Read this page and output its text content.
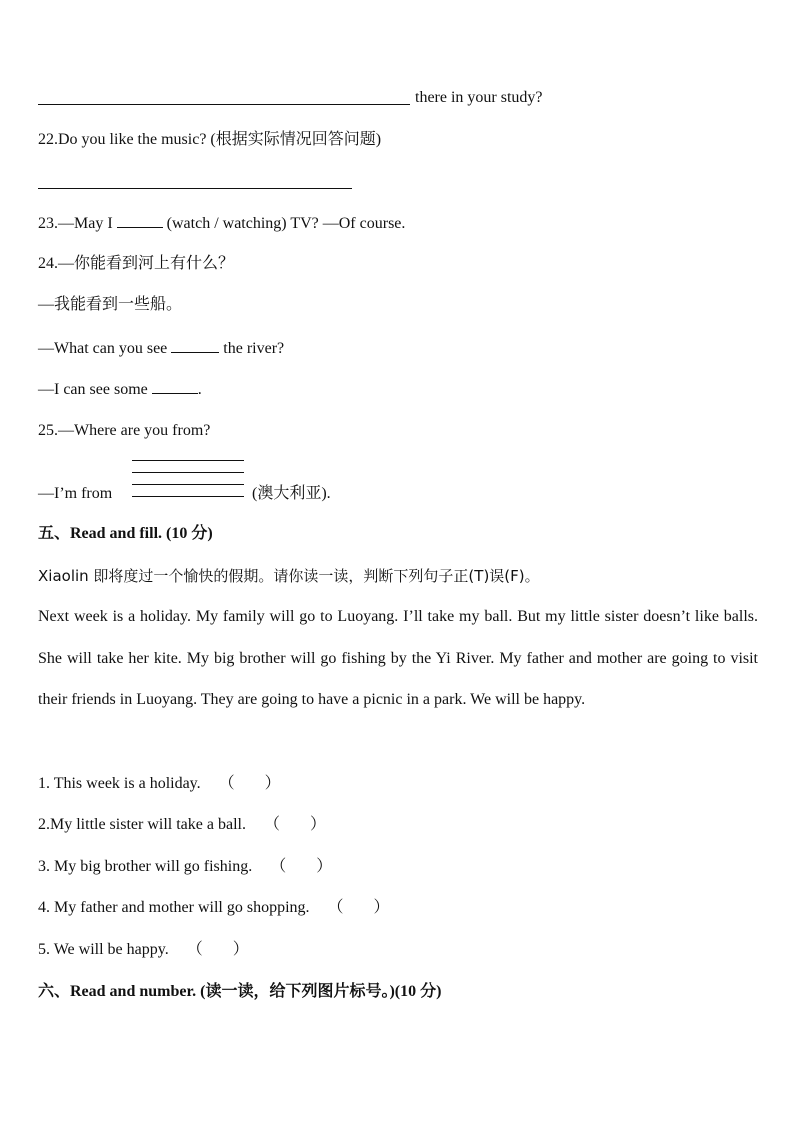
there in your study?
22.Do you like the music? (根据实际情况回答问题)
23.—May I	(watch / watching) TV? —Of course.
24.—你能看到河上有什么？
—我能看到一些船。
—What can you see	the river?
—I can see some	.
25.—Where are you from?
—I’m from	(澳大利亚).
五、Read and fill. (10 分)
Xiaolin 即将度过一个愉快的假期。请你读一读，判断下列句子正(T)误(F)。
Next week is a holiday. My family will go to Luoyang. I’ll take my ball. But my little sister doesn’t like balls. She will take her kite. My big brother will go fishing by the Yi River. My father and mother are going to visit their friends in Luoyang. They are going to have a picnic in a park. We will be happy.
1. This week is a holiday. （ ）
2.My little sister will take a ball. （ ）
3. My big brother will go fishing. （ ）
4. My father and mother will go shopping. （ ）
5. We will be happy. （ ）
六、Read and number. (读一读，给下列图片标号。)(10 分)
